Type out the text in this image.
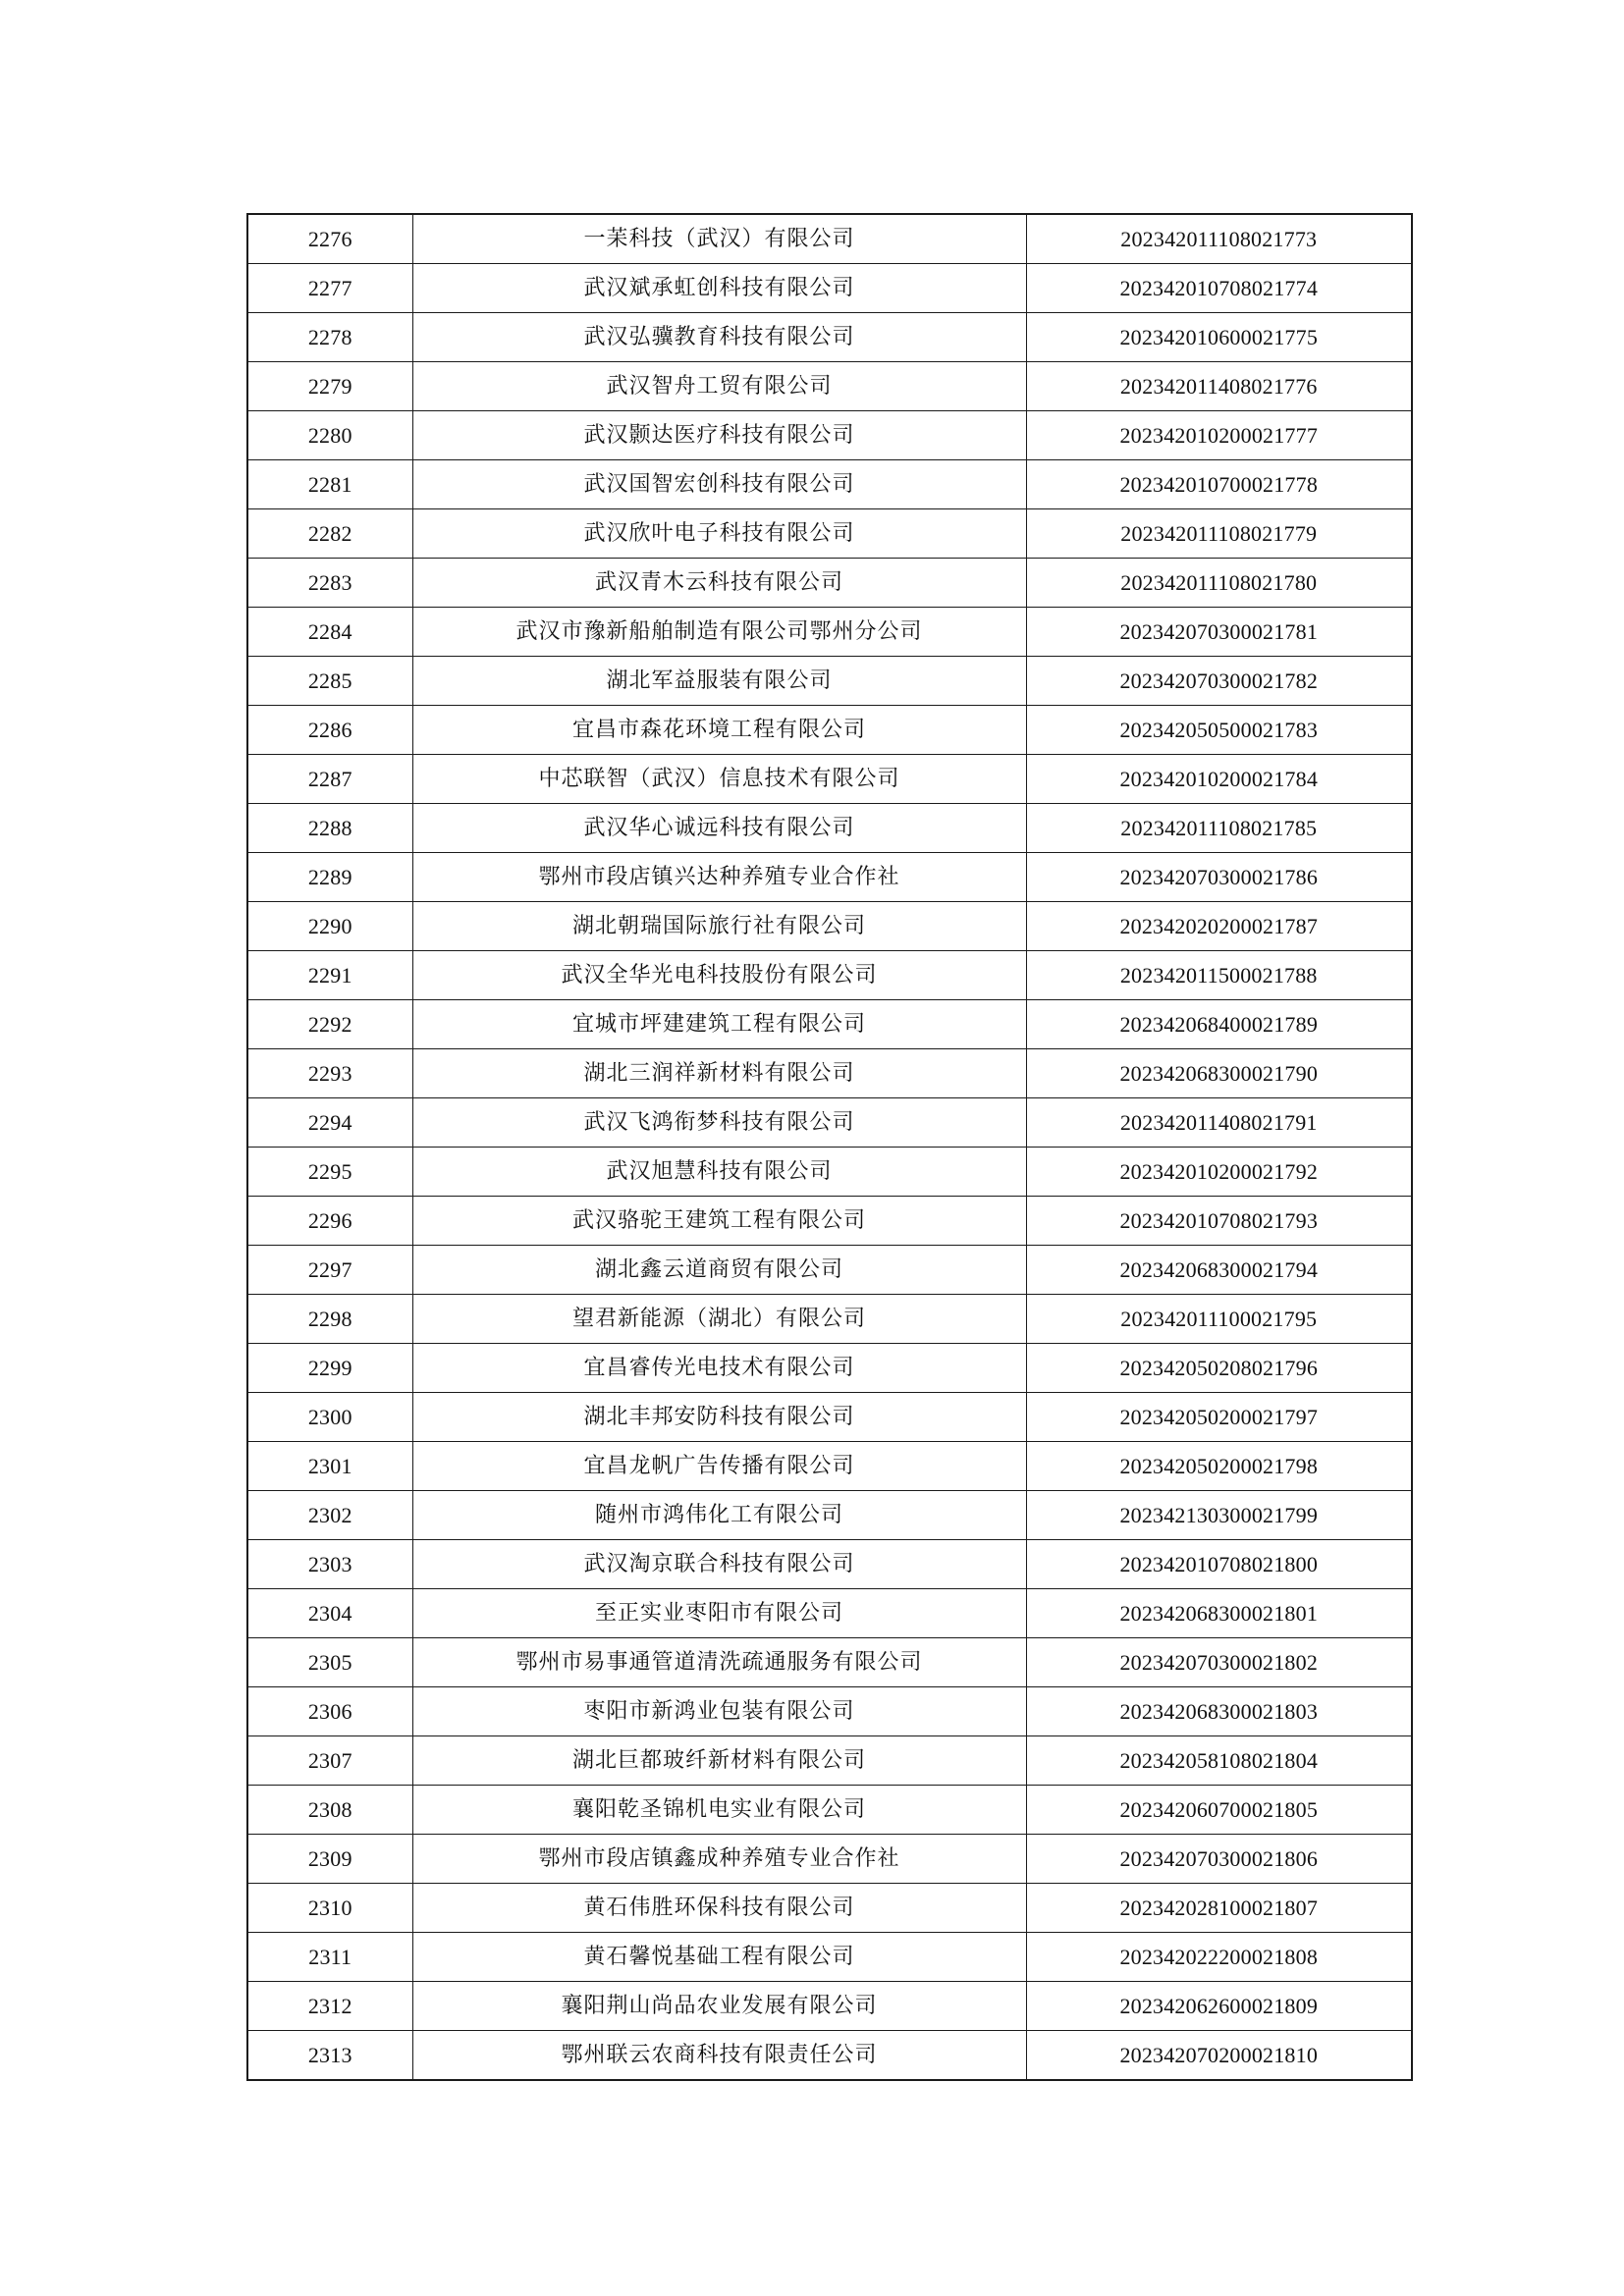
2276	一苿科技（武汉）有限公司	202342011108021773
2277	武汉斌承虹创科技有限公司	202342010708021774
2278	武汉弘骥教育科技有限公司	202342010600021775
2279	武汉智舟工贸有限公司	202342011408021776
2280	武汉颢达医疗科技有限公司	202342010200021777
2281	武汉国智宏创科技有限公司	202342010700021778
2282	武汉欣叶电子科技有限公司	202342011108021779
2283	武汉青木云科技有限公司	202342011108021780
2284	武汉市豫新船舶制造有限公司鄂州分公司	202342070300021781
2285	湖北军益服装有限公司	202342070300021782
2286	宜昌市森花环境工程有限公司	202342050500021783
2287	中芯联智（武汉）信息技术有限公司	202342010200021784
2288	武汉华心诚远科技有限公司	202342011108021785
2289	鄂州市段店镇兴达种养殖专业合作社	202342070300021786
2290	湖北朝瑞国际旅行社有限公司	202342020200021787
2291	武汉全华光电科技股份有限公司	202342011500021788
2292	宜城市坪建建筑工程有限公司	202342068400021789
2293	湖北三润祥新材料有限公司	202342068300021790
2294	武汉飞鸿衔梦科技有限公司	202342011408021791
2295	武汉旭慧科技有限公司	202342010200021792
2296	武汉骆驼王建筑工程有限公司	202342010708021793
2297	湖北鑫云道商贸有限公司	202342068300021794
2298	望君新能源（湖北）有限公司	202342011100021795
2299	宜昌睿传光电技术有限公司	202342050208021796
2300	湖北丰邦安防科技有限公司	202342050200021797
2301	宜昌龙帆广告传播有限公司	202342050200021798
2302	随州市鸿伟化工有限公司	202342130300021799
2303	武汉淘京联合科技有限公司	202342010708021800
2304	至正实业枣阳市有限公司	202342068300021801
2305	鄂州市易事通管道清洗疏通服务有限公司	202342070300021802
2306	枣阳市新鸿业包装有限公司	202342068300021803
2307	湖北巨都玻纤新材料有限公司	202342058108021804
2308	襄阳乾圣锦机电实业有限公司	202342060700021805
2309	鄂州市段店镇鑫成种养殖专业合作社	202342070300021806
2310	黄石伟胜环保科技有限公司	202342028100021807
2311	黄石馨悦基础工程有限公司	202342022200021808
2312	襄阳荆山尚品农业发展有限公司	202342062600021809
2313	鄂州联云农商科技有限责任公司	202342070200021810
